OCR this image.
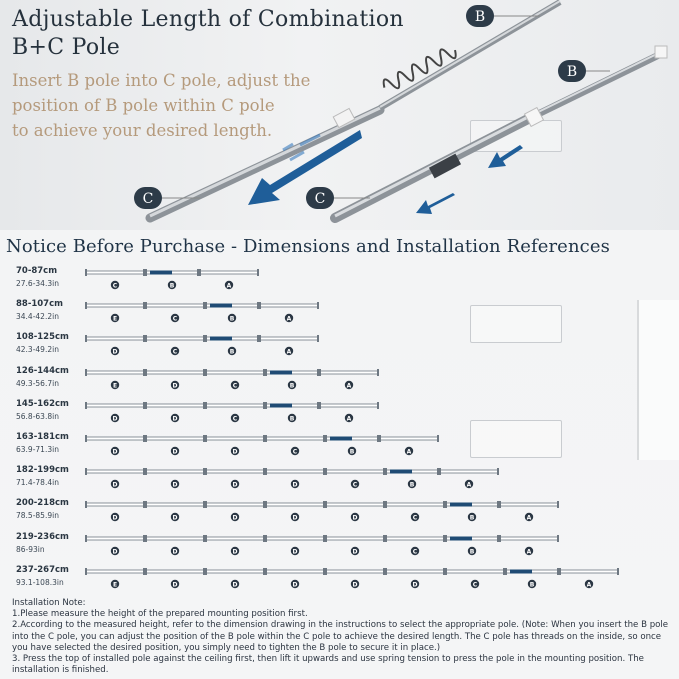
Adjustable Length of Combination
B+C Pole
Insert B pole into C pole, adjust the
position of B pole within C pole
to achieve your desired length.
B
B
C	C
Notice Before Purchase - Dimensions and Installation References
70-87cm
27.6-34.3in	C	B	A
88-107cm
34.4-42.2in	E	C	B	A
108-125cm
42.3-49.2in	D	C	B	A
126-144cm
49.3-56.7in	E	D	C	B	A
145-162cm
56.8-63.8in	D	D	C	B	A
163-181cm
63.9-71.3in	D	D	D	C	B	A
182-199cm
71.4-78.4in	D	D	D	D	C	B	A
200-218cm
78.5-85.9in	D	D	D	D	D	C	B	A
219-236cm
86-93in	D	D	D	D	D	C	B	A
237-267cm
93.1-108.3in	E	D	D	D	D	D	C	B	A

Installation Note:

1.Please measure the height of the prepared mounting position first.

2.According to the measured height, refer to the dimension drawing in the instructions to select the appropriate pole. (Note: When you insert the B pole into the C pole, you can adjust the position of the B pole within the C pole to achieve the desired length. The C pole has threads on the inside, so once you have selected the desired position, you simply need to tighten the B pole to secure it in place.)

3. Press the top of installed pole against the ceiling first, then lift it upwards and use spring tension to press the pole in the mounting position. The installation is finished.
